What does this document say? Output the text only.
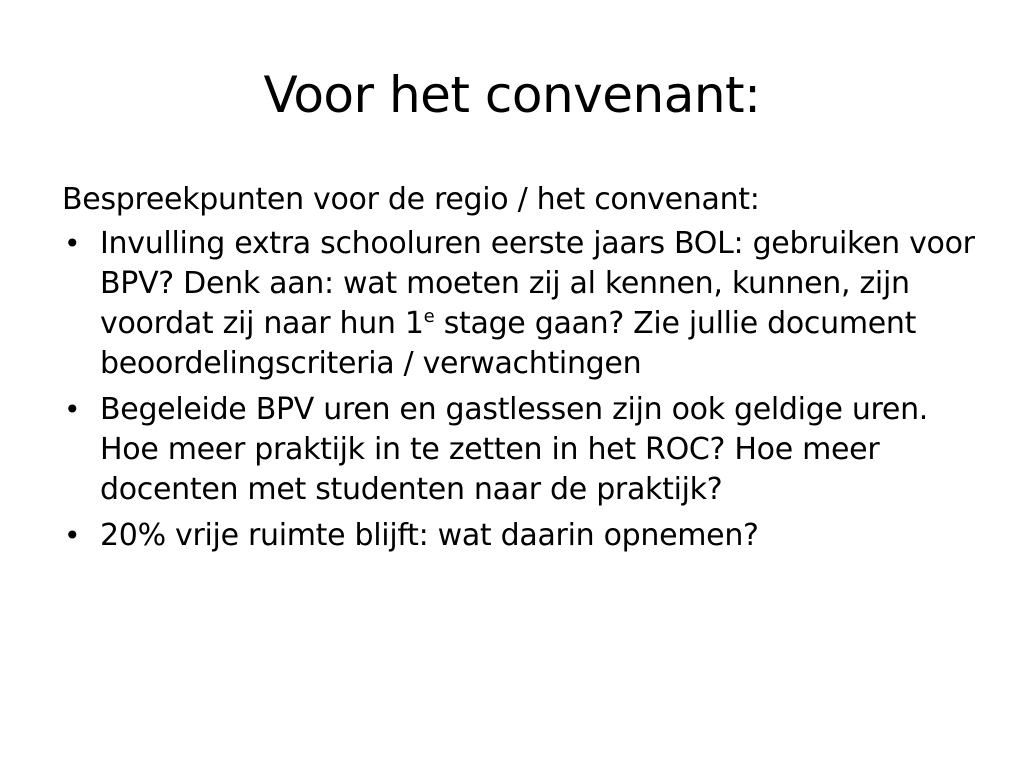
Voor het convenant:

Bespreekpunten voor de regio / het convenant:

• Invulling extra schooluren eerste jaars BOL: gebruiken voor BPV? Denk aan: wat moeten zij al kennen, kunnen, zijn voordat zij naar hun 1e stage gaan? Zie jullie document beoordelingscriteria / verwachtingen
• Begeleide BPV uren en gastlessen zijn ook geldige uren. Hoe meer praktijk in te zetten in het ROC? Hoe meer docenten met studenten naar de praktijk?
• 20% vrije ruimte blijft: wat daarin opnemen?
